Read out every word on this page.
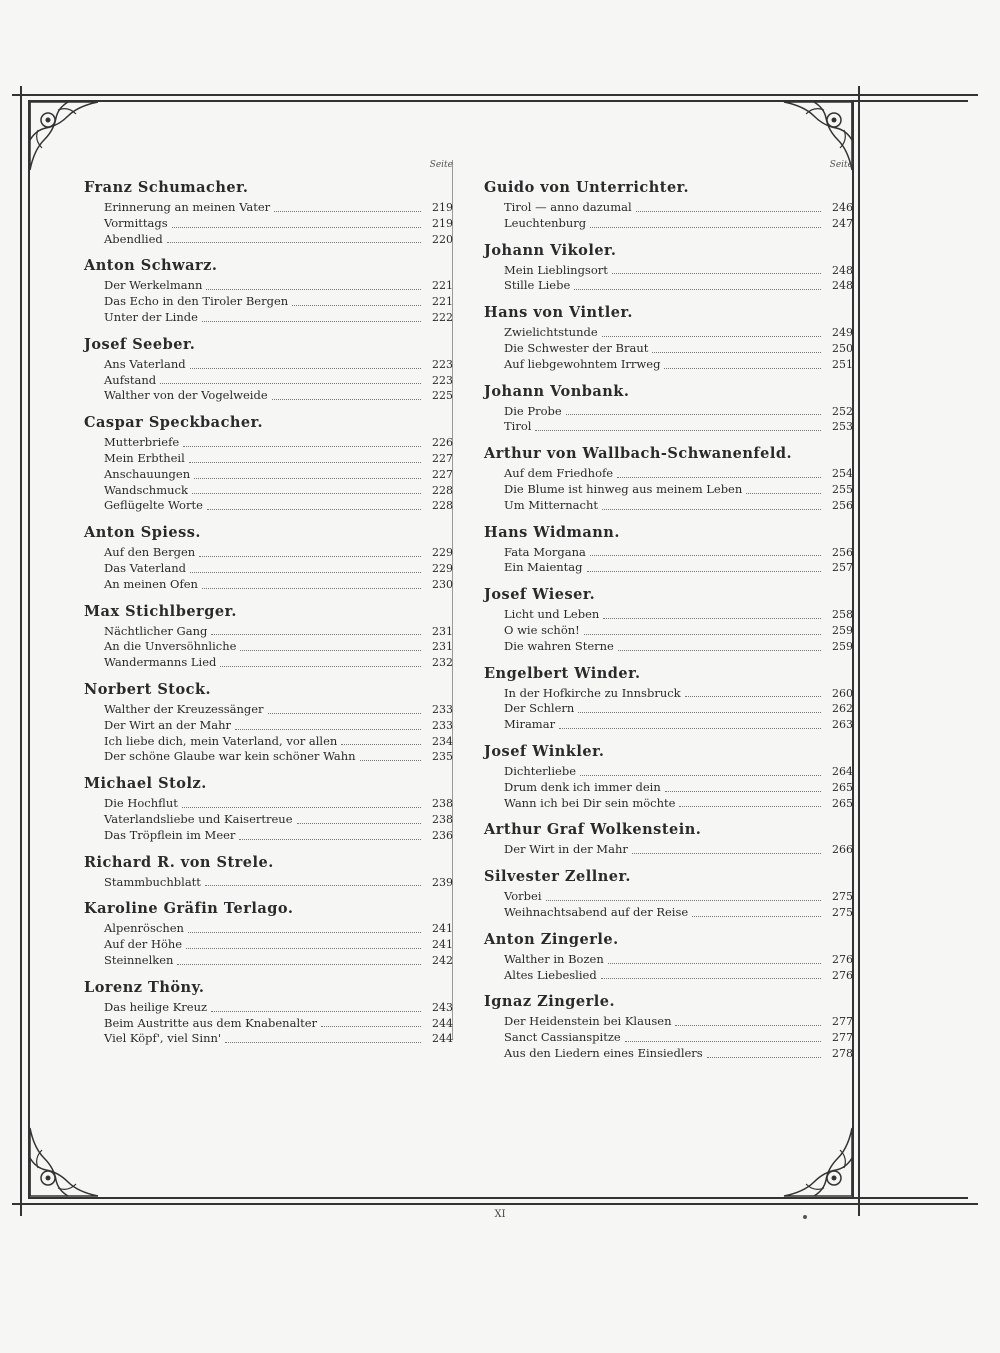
Seite
Franz Schumacher.
Erinnerung an meinen Vater	219
Vormittags	219
Abendlied	220
Anton Schwarz.
Der Werkelmann	221
Das Echo in den Tiroler Bergen	221
Unter der Linde	222
Josef Seeber.
Ans Vaterland	223
Aufstand	223
Walther von der Vogelweide	225
Caspar Speckbacher.
Mutterbriefe	226
Mein Erbtheil	227
Anschauungen	227
Wandschmuck	228
Geflügelte Worte	228
Anton Spiess.
Auf den Bergen	229
Das Vaterland	229
An meinen Ofen	230
Max Stichlberger.
Nächtlicher Gang	231
An die Unversöhnliche	231
Wandermanns Lied	232
Norbert Stock.
Walther der Kreuzessänger	233
Der Wirt an der Mahr	233
Ich liebe dich, mein Vaterland, vor allen	234
Der schöne Glaube war kein schöner Wahn	235
Michael Stolz.
Die Hochflut	238
Vaterlandsliebe und Kaisertreue	238
Das Tröpflein im Meer	236
Richard R. von Strele.
Stammbuchblatt	239
Karoline Gräfin Terlago.
Alpenröschen	241
Auf der Höhe	241
Steinnelken	242
Lorenz Thöny.
Das heilige Kreuz	243
Beim Austritte aus dem Knabenalter	244
Viel Köpf', viel Sinn'	244
Seite
Guido von Unterrichter.
Tirol — anno dazumal	246
Leuchtenburg	247
Johann Vikoler.
Mein Lieblingsort	248
Stille Liebe	248
Hans von Vintler.
Zwielichtstunde	249
Die Schwester der Braut	250
Auf liebgewohntem Irrweg	251
Johann Vonbank.
Die Probe	252
Tirol	253
Arthur von Wallbach-Schwanenfeld.
Auf dem Friedhofe	254
Die Blume ist hinweg aus meinem Leben	255
Um Mitternacht	256
Hans Widmann.
Fata Morgana	256
Ein Maientag	257
Josef Wieser.
Licht und Leben	258
O wie schön!	259
Die wahren Sterne	259
Engelbert Winder.
In der Hofkirche zu Innsbruck	260
Der Schlern	262
Miramar	263
Josef Winkler.
Dichterliebe	264
Drum denk ich immer dein	265
Wann ich bei Dir sein möchte	265
Arthur Graf Wolkenstein.
Der Wirt in der Mahr	266
Silvester Zellner.
Vorbei	275
Weihnachtsabend auf der Reise	275
Anton Zingerle.
Walther in Bozen	276
Altes Liebeslied	276
Ignaz Zingerle.
Der Heidenstein bei Klausen	277
Sanct Cassianspitze	277
Aus den Liedern eines Einsiedlers	278
XI
